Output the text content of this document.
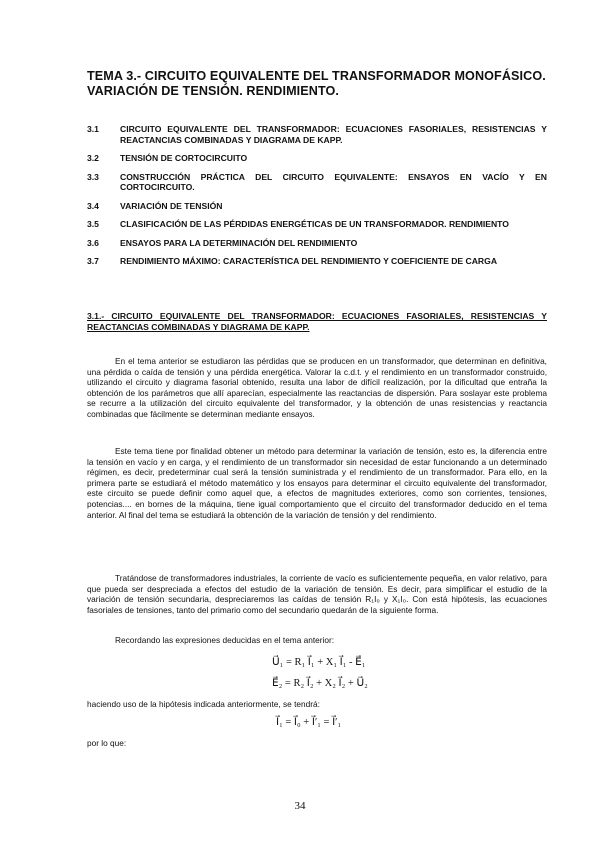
TEMA 3.- CIRCUITO EQUIVALENTE DEL TRANSFORMADOR MONOFÁSICO. VARIACIÓN DE TENSIÓN. RENDIMIENTO.
3.1	CIRCUITO EQUIVALENTE DEL TRANSFORMADOR: ECUACIONES FASORIALES, RESISTENCIAS Y REACTANCIAS COMBINADAS Y DIAGRAMA DE KAPP.
3.2	TENSIÓN DE CORTOCIRCUITO
3.3	CONSTRUCCIÓN PRÁCTICA DEL CIRCUITO EQUIVALENTE: ENSAYOS EN VACÍO Y EN CORTOCIRCUITO.
3.4	VARIACIÓN DE TENSIÓN
3.5	CLASIFICACIÓN DE LAS PÉRDIDAS ENERGÉTICAS DE UN TRANSFORMADOR. RENDIMIENTO
3.6	ENSAYOS PARA LA DETERMINACIÓN DEL RENDIMIENTO
3.7	RENDIMIENTO MÁXIMO: CARACTERÍSTICA DEL RENDIMIENTO Y COEFICIENTE DE CARGA
3.1.- CIRCUITO EQUIVALENTE DEL TRANSFORMADOR: ECUACIONES FASORIALES, RESISTENCIAS Y REACTANCIAS COMBINADAS Y DIAGRAMA DE KAPP.
En el tema anterior se estudiaron las pérdidas que se producen en un transformador, que determinan en definitiva, una pérdida o caída de tensión y una pérdida energética. Valorar la c.d.t. y el rendimiento en un transformador construido, utilizando el circuito y diagrama fasorial obtenido, resulta una labor de difícil realización, por la dificultad que entraña la obtención de los parámetros que allí aparecían, especialmente las reactancias de dispersión. Para soslayar este problema se recurre a la utilización del circuito equivalente del transformador, y la obtención de unas resistencias y reactancia combinadas que fácilmente se determinan mediante ensayos.
Este tema tiene por finalidad obtener un método para determinar la variación de tensión, esto es, la diferencia entre la tensión en vacío y en carga, y el rendimiento de un transformador sin necesidad de estar funcionando a un determinado régimen, es decir, predeterminar cual será la tensión suministrada y el rendimiento de un transformador. Para ello, en la primera parte se estudiará el método matemático y los ensayos para determinar el circuito equivalente del transformador, este circuito se puede definir como aquel que, a efectos de magnitudes exteriores, como son corrientes, tensiones, potencias.... en bornes de la máquina, tiene igual comportamiento que el circuito del transformador deducido en el tema anterior. Al final del tema se estudiará la obtención de la variación de tensión y del rendimiento.
Tratándose de transformadores industriales, la corriente de vacío es suficientemente pequeña, en valor relativo, para que pueda ser despreciada a efectos del estudio de la variación de tensión. Es decir, para simplificar el estudio de la variación de tensión secundaria, despreciaremos las caídas de tensión R₁I₀ y X₁I₀. Con está hipótesis, las ecuaciones fasoriales de tensiones, tanto del primario como del secundario quedarán de la siguiente forma.
Recordando las expresiones deducidas en el tema anterior:
U⃗₁ = R₁ I⃗₁ + X₁ I⃗₁ - E⃗₁
E⃗₂ = R₂ I⃗₂ + X₂ I⃗₂ + U⃗₂
haciendo uso de la hipótesis indicada anteriormente, se tendrá:
I⃗₁ = I⃗₀ + I⃗′₁ = I⃗′₁
por lo que:
34
